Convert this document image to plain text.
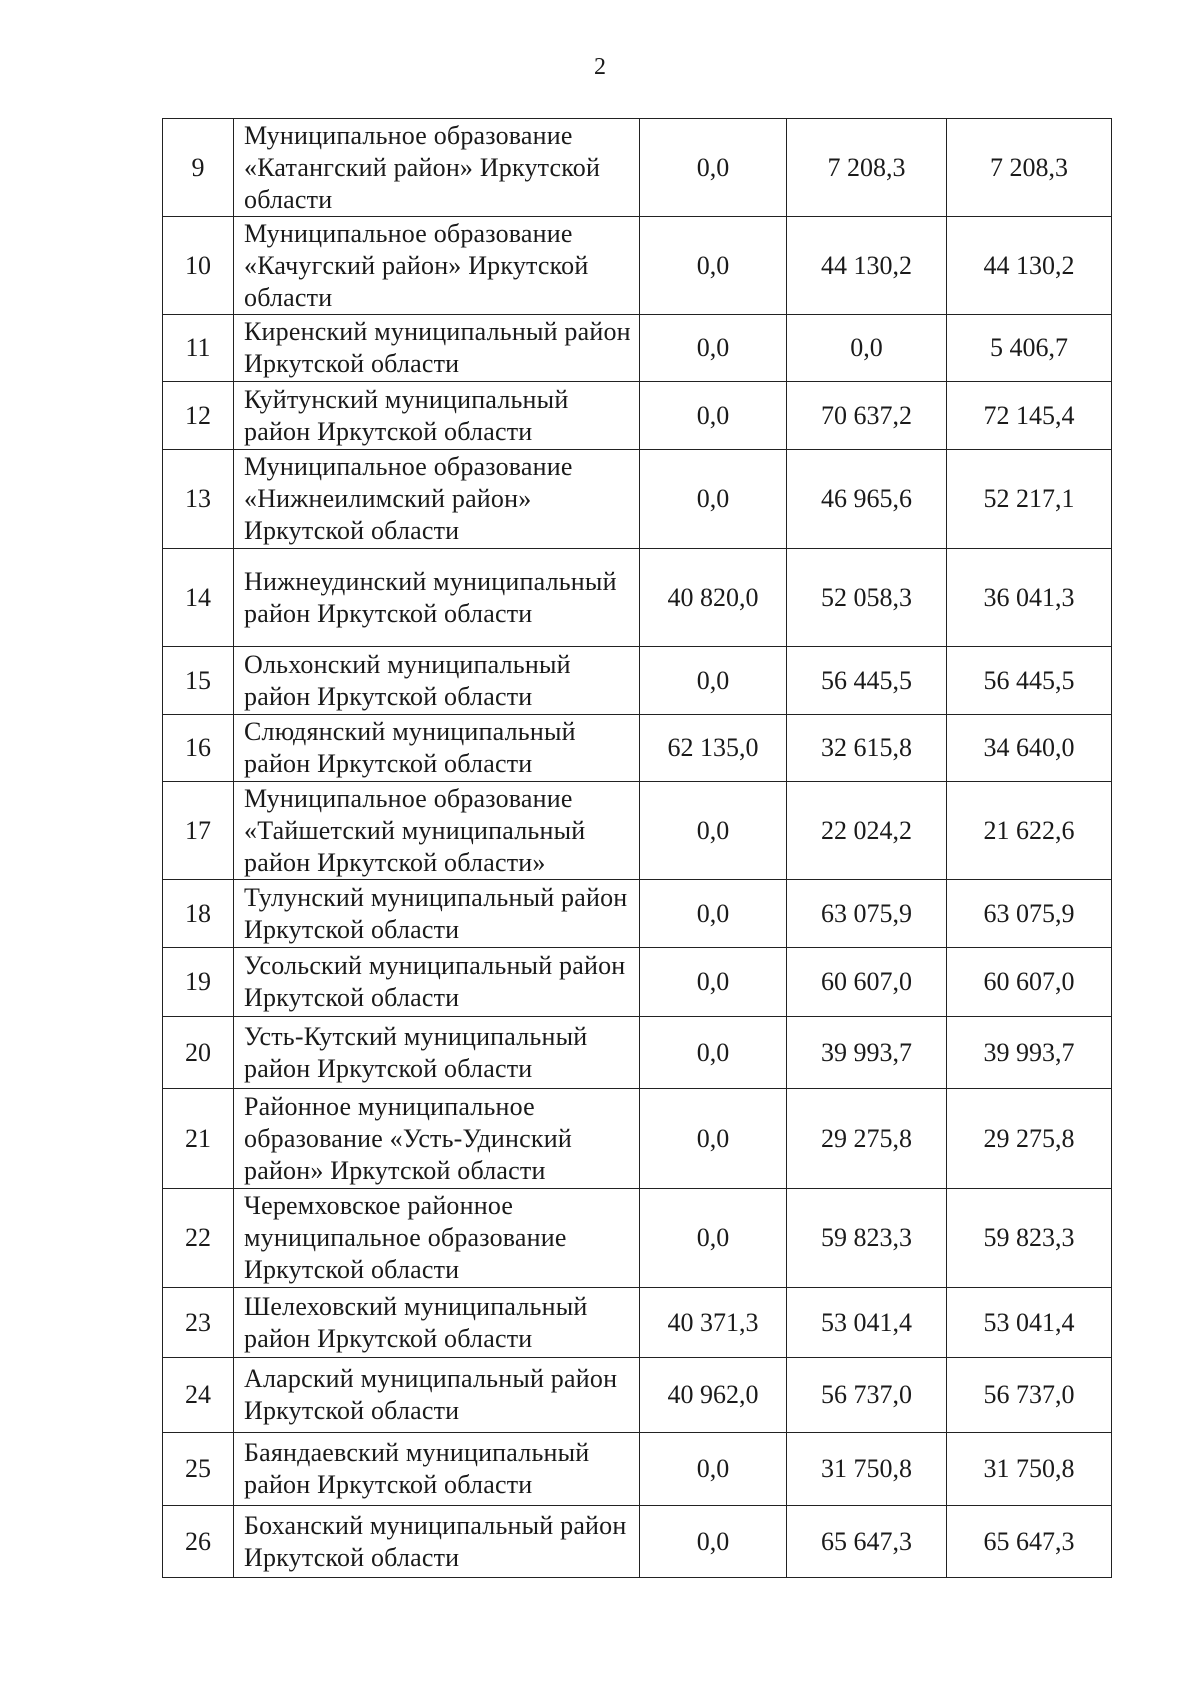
2
9	Муниципальное образование «Катангский район» Иркутской области	0,0	7 208,3	7 208,3
10	Муниципальное образование «Качугский район» Иркутской области	0,0	44 130,2	44 130,2
11	Киренский муниципальный район Иркутской области	0,0	0,0	5 406,7
12	Куйтунский муниципальный район Иркутской области	0,0	70 637,2	72 145,4
13	Муниципальное образование «Нижнеилимский район» Иркутской области	0,0	46 965,6	52 217,1
14	Нижнеудинский муниципальный район Иркутской области	40 820,0	52 058,3	36 041,3
15	Ольхонский муниципальный район Иркутской области	0,0	56 445,5	56 445,5
16	Слюдянский муниципальный район Иркутской области	62 135,0	32 615,8	34 640,0
17	Муниципальное образование «Тайшетский муниципальный район Иркутской области»	0,0	22 024,2	21 622,6
18	Тулунский муниципальный район Иркутской области	0,0	63 075,9	63 075,9
19	Усольский муниципальный район Иркутской области	0,0	60 607,0	60 607,0
20	Усть-Кутский муниципальный район Иркутской области	0,0	39 993,7	39 993,7
21	Районное муниципальное образование «Усть-Удинский район» Иркутской области	0,0	29 275,8	29 275,8
22	Черемховское районное муниципальное образование Иркутской области	0,0	59 823,3	59 823,3
23	Шелеховский муниципальный район Иркутской области	40 371,3	53 041,4	53 041,4
24	Аларский муниципальный район Иркутской области	40 962,0	56 737,0	56 737,0
25	Баяндаевский муниципальный район Иркутской области	0,0	31 750,8	31 750,8
26	Боханский муниципальный район Иркутской области	0,0	65 647,3	65 647,3
